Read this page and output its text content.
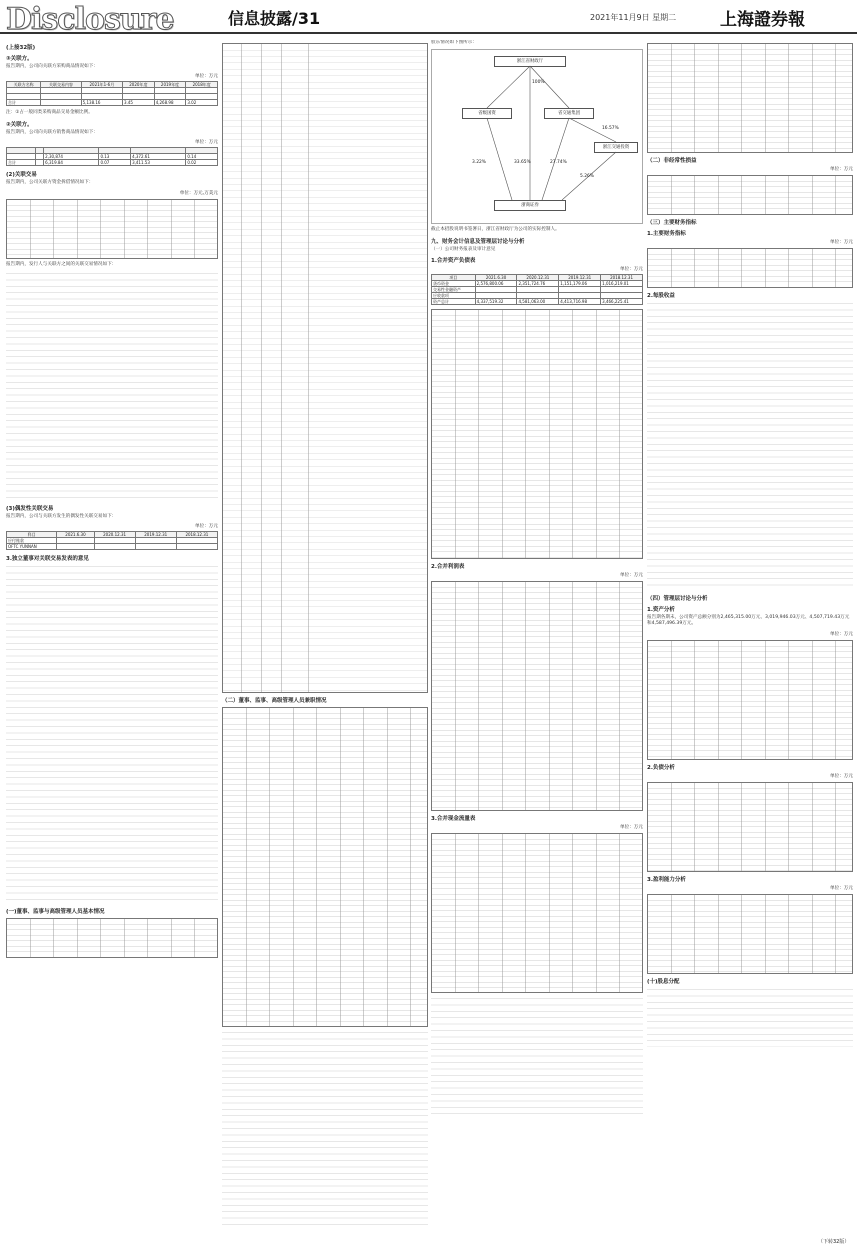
Disclosure	信息披露/31	2021年11月9日 星期二	上海證券報
(上接32版)
③关联方。
报告期内，公司向关联方采购商品情况如下：
单位：万元
关联方名称	关联交易内容	2021年1-6月	2020年度	2019年度	2018年度

合计		5,138.16	3.45	4,268.98	3.02
注：①占一般同类采购商品交易金额比例。
②关联方。
报告期内，公司向关联方销售商品情况如下：
单位：万元

		2,30,874	0.13	4,372.61	0.14
合计		6,319.84	0.07	3,411.53	0.02
(2)关联交易
报告期内，公司关联方资金拆借情况如下：
单位：万元,万美元
报告期内，发行人与关联方之间的关联交易情况如下：
(3)偶发性关联交易
报告期内，公司与关联方发生的偶发性关联交易如下：
单位：万元
科目	2021.6.30	2020.12.31	2019.12.31	2018.12.31
应付账款				
OFTC YUNNAN				
3.独立董事对关联交易发表的意见
(一)董事、监事与高级管理人员基本情况
（二）董事、监事、高级管理人员兼职情况
股东情况如下图所示：
浙江省财政厅
省级国资	省交通集团
浙江交通投资
浙商证券
100%
3.22%	33.65%	27.74%
5.26%
16.57%
截止本招股说明书签署日，浙江省财政厅为公司的实际控制人。
九、财务会计信息及管理层讨论与分析
（一）公司财务报表及审计意见
1.合并资产负债表
单位：万元
项目	2021.6.30	2020.12.31	2019.12.31	2018.12.31
货币资金	2,576,800.06	2,351,724.76	1,151,179.06	1,016,219.01
交易性金融资产				
应收款项				
资产总计	4,337,519.32	4,581,063.00	4,413,716.98	3,466,225.41
2.合并利润表
单位：万元
3.合并现金流量表
单位：万元
（二）非经常性损益
单位：万元
（三）主要财务指标
1.主要财务指标
单位：万元
2.每股收益
（四）管理层讨论与分析
1.资产分析
报告期各期末，公司资产总额分别为2,465,315.00万元、3,019,946.03万元、4,507,719.43万元和4,587,496.39万元。
单位：万元
2.负债分析
单位：万元
3.盈利能力分析
单位：万元
(十)股息分配
（下转32版）
